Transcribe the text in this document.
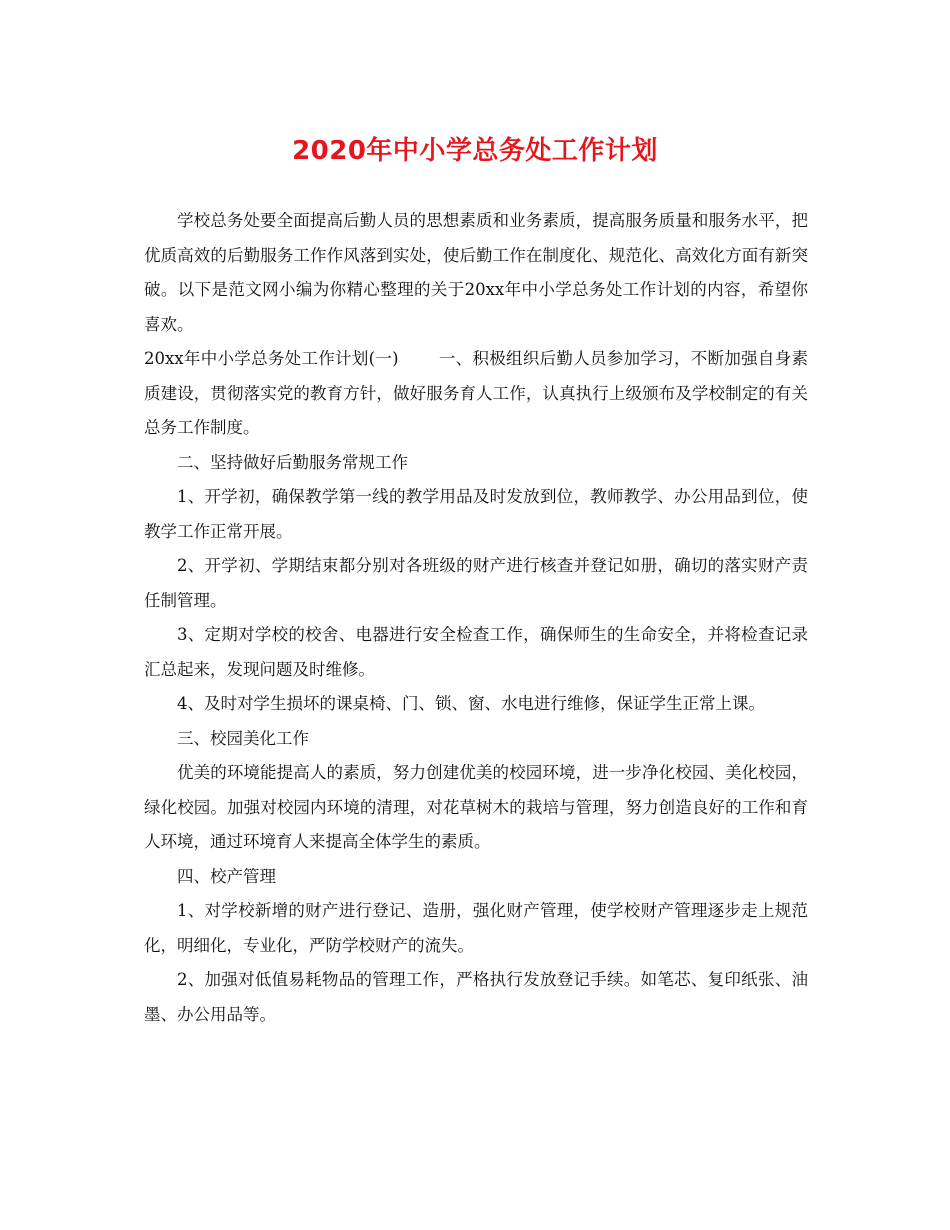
2020年中小学总务处工作计划

学校总务处要全面提高后勤人员的思想素质和业务素质，提高服务质量和服务水平，把优质高效的后勤服务工作作风落到实处，使后勤工作在制度化、规范化、高效化方面有新突破。以下是范文网小编为你精心整理的关于20xx年中小学总务处工作计划的内容，希望你喜欢。

20xx年中小学总务处工作计划(一) 一、积极组织后勤人员参加学习，不断加强自身素质建设，贯彻落实党的教育方针，做好服务育人工作，认真执行上级颁布及学校制定的有关总务工作制度。

二、坚持做好后勤服务常规工作

1、开学初，确保教学第一线的教学用品及时发放到位，教师教学、办公用品到位，使教学工作正常开展。

2、开学初、学期结束都分别对各班级的财产进行核查并登记如册，确切的落实财产责任制管理。

3、定期对学校的校舍、电器进行安全检查工作，确保师生的生命安全，并将检查记录汇总起来，发现问题及时维修。

4、及时对学生损坏的课桌椅、门、锁、窗、水电进行维修，保证学生正常上课。

三、校园美化工作

优美的环境能提高人的素质，努力创建优美的校园环境，进一步净化校园、美化校园，绿化校园。加强对校园内环境的清理，对花草树木的栽培与管理，努力创造良好的工作和育人环境，通过环境育人来提高全体学生的素质。

四、校产管理

1、对学校新增的财产进行登记、造册，强化财产管理，使学校财产管理逐步走上规范化，明细化，专业化，严防学校财产的流失。

2、加强对低值易耗物品的管理工作，严格执行发放登记手续。如笔芯、复印纸张、油墨、办公用品等。
